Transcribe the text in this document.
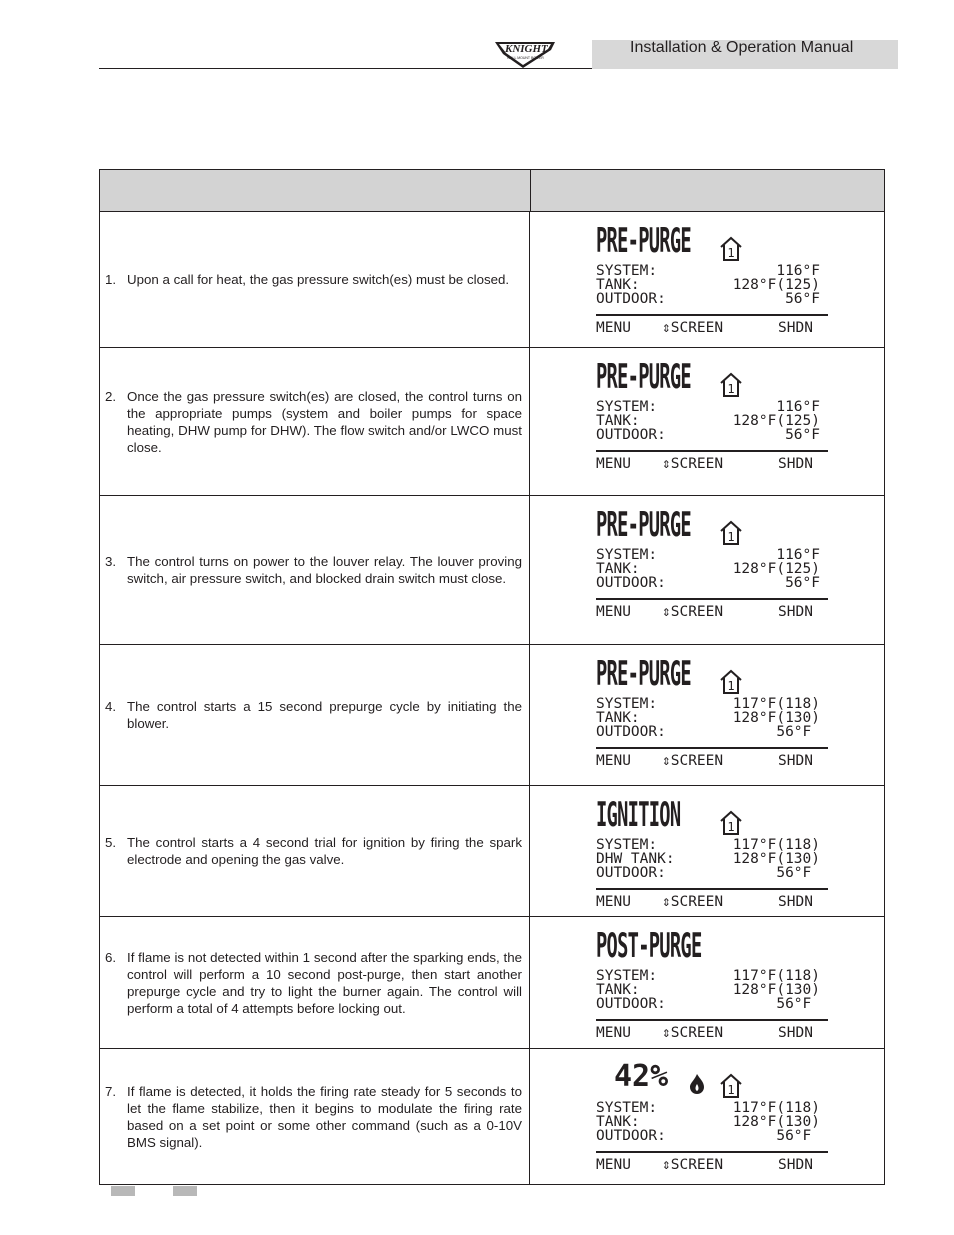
KNIGHT
WALL MOUNT BOILER
Installation & Operation Manual
1. Upon a call for heat, the gas pressure switch(es) must be closed.
PRE-PURGE	1
SYSTEM:	116°F
TANK:	128°F(125)
OUTDOOR:	56°F
MENU ⇕SCREEN	SHDN
2. Once the gas pressure switch(es) are closed, the control turns on the appropriate pumps (system and boiler pumps for space heating, DHW pump for DHW). The flow switch and/or LWCO must close.
PRE-PURGE	1
SYSTEM:	116°F
TANK:	128°F(125)
OUTDOOR:	56°F
MENU ⇕SCREEN	SHDN
3. The control turns on power to the louver relay. The louver proving switch, air pressure switch, and blocked drain switch must close.
PRE-PURGE	1
SYSTEM:	116°F
TANK:	128°F(125)
OUTDOOR:	56°F
MENU ⇕SCREEN	SHDN
4. The control starts a 15 second prepurge cycle by initiating the blower.
PRE-PURGE	1
SYSTEM:	117°F(118)
TANK:	128°F(130)
OUTDOOR:	56°F
MENU ⇕SCREEN	SHDN
5. The control starts a 4 second trial for ignition by firing the spark electrode and opening the gas valve.
IGNITION	1
SYSTEM:	117°F(118)
DHW TANK:	128°F(130)
OUTDOOR:	56°F
MENU ⇕SCREEN	SHDN
6. If flame is not detected within 1 second after the sparking ends, the control will perform a 10 second post-purge, then start another prepurge cycle and try to light the burner again. The control will perform a total of 4 attempts before locking out.
POST-PURGE
SYSTEM:	117°F(118)
TANK:	128°F(130)
OUTDOOR:	56°F
MENU ⇕SCREEN	SHDN
7. If flame is detected, it holds the firing rate steady for 5 seconds to let the flame stabilize, then it begins to modulate the firing rate based on a set point or some other command (such as a 0-10V BMS signal).
42%	1
SYSTEM:	117°F(118)
TANK:	128°F(130)
OUTDOOR:	56°F
MENU ⇕SCREEN	SHDN
